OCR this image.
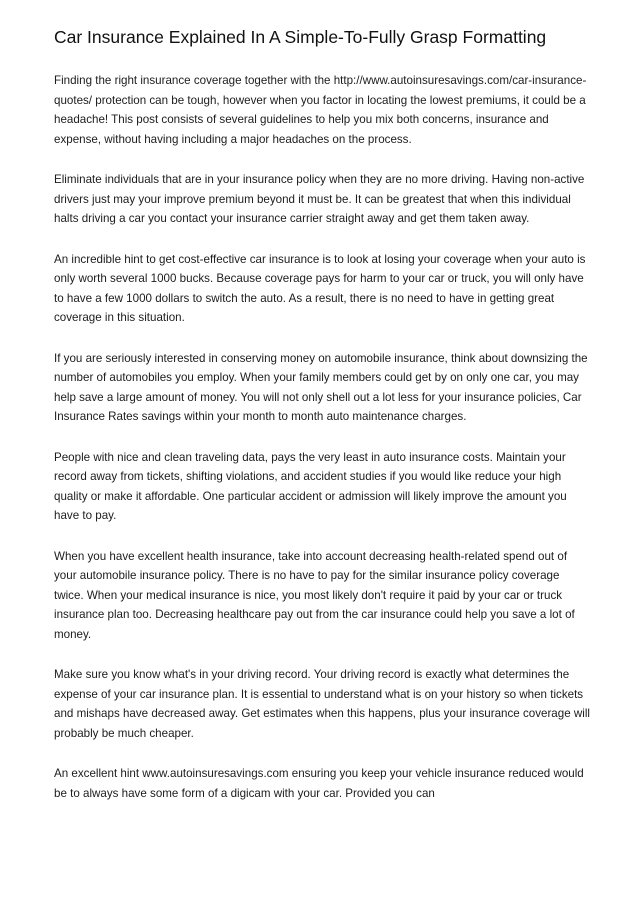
Car Insurance Explained In A Simple-To-Fully Grasp Formatting

Finding the right insurance coverage together with the http://www.autoinsuresavings.com/car-insurance-quotes/ protection can be tough, however when you factor in locating the lowest premiums, it could be a headache! This post consists of several guidelines to help you mix both concerns, insurance and expense, without having including a major headaches on the process.

Eliminate individuals that are in your insurance policy when they are no more driving. Having non-active drivers just may your improve premium beyond it must be. It can be greatest that when this individual halts driving a car you contact your insurance carrier straight away and get them taken away.

An incredible hint to get cost-effective car insurance is to look at losing your coverage when your auto is only worth several 1000 bucks. Because coverage pays for harm to your car or truck, you will only have to have a few 1000 dollars to switch the auto. As a result, there is no need to have in getting great coverage in this situation.

If you are seriously interested in conserving money on automobile insurance, think about downsizing the number of automobiles you employ. When your family members could get by on only one car, you may help save a large amount of money. You will not only shell out a lot less for your insurance policies, Car Insurance Rates savings within your month to month auto maintenance charges.

People with nice and clean traveling data, pays the very least in auto insurance costs. Maintain your record away from tickets, shifting violations, and accident studies if you would like reduce your high quality or make it affordable. One particular accident or admission will likely improve the amount you have to pay.

When you have excellent health insurance, take into account decreasing health-related spend out of your automobile insurance policy. There is no have to pay for the similar insurance policy coverage twice. When your medical insurance is nice, you most likely don't require it paid by your car or truck insurance plan too. Decreasing healthcare pay out from the car insurance could help you save a lot of money.

Make sure you know what's in your driving record. Your driving record is exactly what determines the expense of your car insurance plan. It is essential to understand what is on your history so when tickets and mishaps have decreased away. Get estimates when this happens, plus your insurance coverage will probably be much cheaper.

An excellent hint www.autoinsuresavings.com ensuring you keep your vehicle insurance reduced would be to always have some form of a digicam with your car. Provided you can
